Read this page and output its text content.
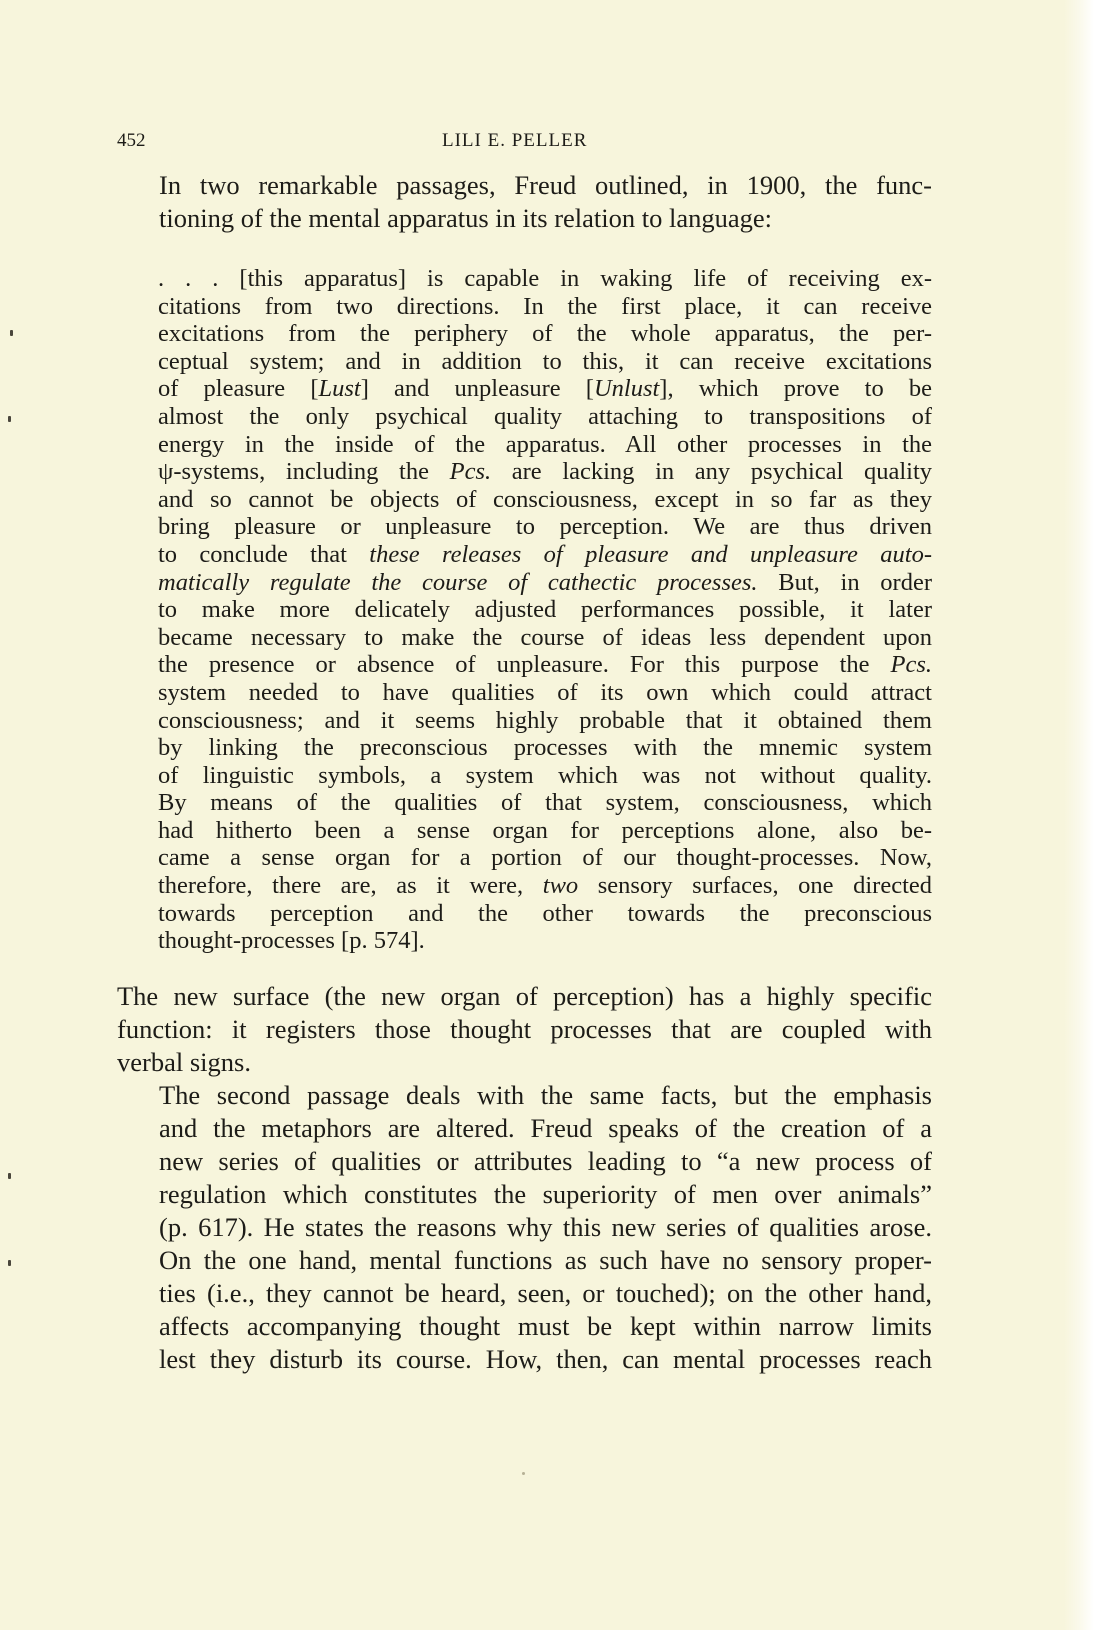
452	LILI E. PELLER
In two remarkable passages, Freud outlined, in 1900, the func-
tioning of the mental apparatus in its relation to language:
. . . [this apparatus] is capable in waking life of receiving ex-
citations from two directions. In the first place, it can receive
excitations from the periphery of the whole apparatus, the per-
ceptual system; and in addition to this, it can receive excitations
of pleasure [Lust] and unpleasure [Unlust], which prove to be
almost the only psychical quality attaching to transpositions of
energy in the inside of the apparatus. All other processes in the
ψ-systems, including the Pcs. are lacking in any psychical quality
and so cannot be objects of consciousness, except in so far as they
bring pleasure or unpleasure to perception. We are thus driven
to conclude that these releases of pleasure and unpleasure auto-
matically regulate the course of cathectic processes. But, in order
to make more delicately adjusted performances possible, it later
became necessary to make the course of ideas less dependent upon
the presence or absence of unpleasure. For this purpose the Pcs.
system needed to have qualities of its own which could attract
consciousness; and it seems highly probable that it obtained them
by linking the preconscious processes with the mnemic system
of linguistic symbols, a system which was not without quality.
By means of the qualities of that system, consciousness, which
had hitherto been a sense organ for perceptions alone, also be-
came a sense organ for a portion of our thought-processes. Now,
therefore, there are, as it were, two sensory surfaces, one directed
towards perception and the other towards the preconscious
thought-processes [p. 574].
The new surface (the new organ of perception) has a highly specific
function: it registers those thought processes that are coupled with
verbal signs.
The second passage deals with the same facts, but the emphasis
and the metaphors are altered. Freud speaks of the creation of a
new series of qualities or attributes leading to “a new process of
regulation which constitutes the superiority of men over animals”
(p. 617). He states the reasons why this new series of qualities arose.
On the one hand, mental functions as such have no sensory proper-
ties (i.e., they cannot be heard, seen, or touched); on the other hand,
affects accompanying thought must be kept within narrow limits
lest they disturb its course. How, then, can mental processes reach
